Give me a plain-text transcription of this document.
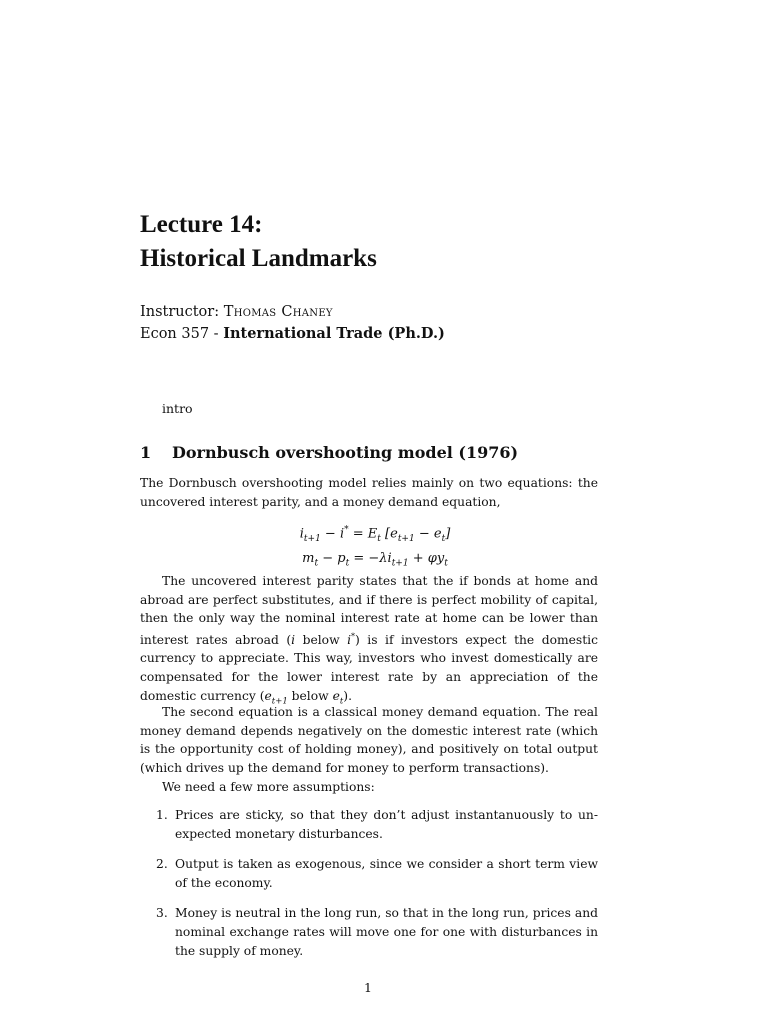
Lecture 14:
Historical Landmarks
Instructor: Thomas Chaney
Econ 357 - International Trade (Ph.D.)
intro
1 Dornbusch overshooting model (1976)

The Dornbusch overshooting model relies mainly on two equations: the uncovered interest parity, and a money demand equation,

$i_{t+1} - i^* = E_t$ $[e_{t+1} - e_t]$
$m_t - p_t = -\lambda i_{t+1} + \varphi y_t$

The uncovered interest parity states that the if bonds at home and abroad are perfect substitutes, and if there is perfect mobility of capital, then the only way the nominal interest rate at home can be lower than interest rates abroad (i below i*) is if investors expect the domestic currency to appreciate. This way, investors who invest domestically are compensated for the lower interest rate by an appreciation of the domestic currency ($e_{t+1}$ below $e_t$).

The second equation is a classical money demand equation. The real money demand depends negatively on the domestic interest rate (which is the opportunity cost of holding money), and positively on total output (which drives up the demand for money to perform transactions).

We need a few more assumptions:

1. Prices are sticky, so that they don’t adjust instantanuously to un- expected monetary disturbances.
2. Output is taken as exogenous, since we consider a short term view of the economy.
3. Money is neutral in the long run, so that in the long run, prices and nominal exchange rates will move one for one with disturbances in the supply of money.
1
